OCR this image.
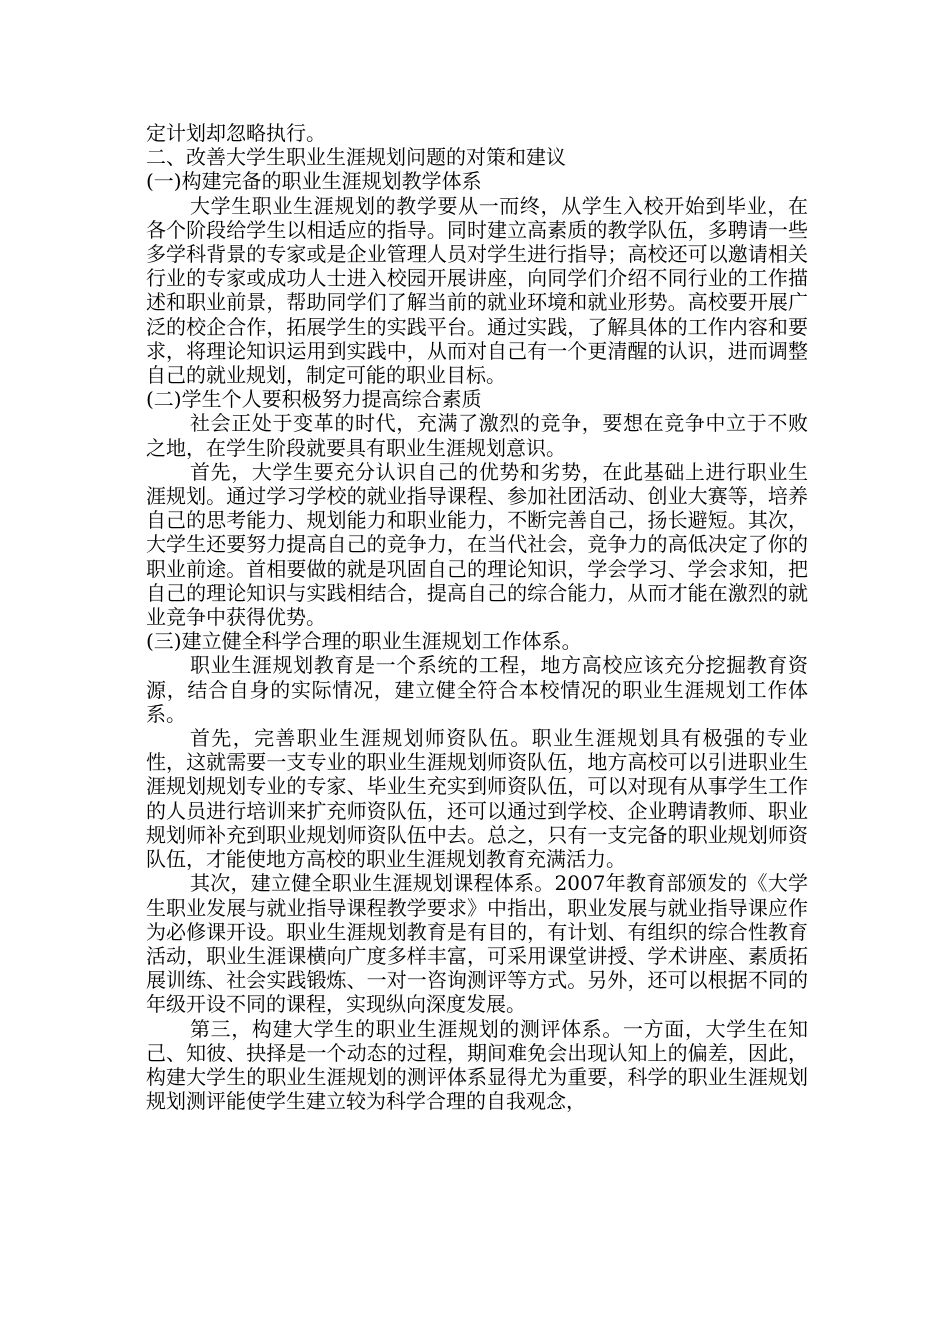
定计划却忽略执行。

二、改善大学生职业生涯规划问题的对策和建议

(一)构建完备的职业生涯规划教学体系

大学生职业生涯规划的教学要从一而终，从学生入校开始到毕业，在各个阶段给学生以相适应的指导。同时建立高素质的教学队伍，多聘请一些多学科背景的专家或是企业管理人员对学生进行指导；高校还可以邀请相关行业的专家或成功人士进入校园开展讲座，向同学们介绍不同行业的工作描述和职业前景，帮助同学们了解当前的就业环境和就业形势。高校要开展广泛的校企合作，拓展学生的实践平台。通过实践，了解具体的工作内容和要求，将理论知识运用到实践中，从而对自己有一个更清醒的认识，进而调整自己的就业规划，制定可能的职业目标。

(二)学生个人要积极努力提高综合素质

社会正处于变革的时代，充满了激烈的竞争，要想在竞争中立于不败之地，在学生阶段就要具有职业生涯规划意识。

首先，大学生要充分认识自己的优势和劣势，在此基础上进行职业生涯规划。通过学习学校的就业指导课程、参加社团活动、创业大赛等，培养自己的思考能力、规划能力和职业能力，不断完善自己，扬长避短。其次，大学生还要努力提高自己的竞争力，在当代社会，竞争力的高低决定了你的职业前途。首相要做的就是巩固自己的理论知识，学会学习、学会求知，把自己的理论知识与实践相结合，提高自己的综合能力，从而才能在激烈的就业竞争中获得优势。

(三)建立健全科学合理的职业生涯规划工作体系。

职业生涯规划教育是一个系统的工程，地方高校应该充分挖掘教育资源，结合自身的实际情况，建立健全符合本校情况的职业生涯规划工作体系。

首先，完善职业生涯规划师资队伍。职业生涯规划具有极强的专业性，这就需要一支专业的职业生涯规划师资队伍，地方高校可以引进职业生涯规划规划专业的专家、毕业生充实到师资队伍，可以对现有从事学生工作的人员进行培训来扩充师资队伍，还可以通过到学校、企业聘请教师、职业规划师补充到职业规划师资队伍中去。总之，只有一支完备的职业规划师资队伍，才能使地方高校的职业生涯规划教育充满活力。

其次，建立健全职业生涯规划课程体系。2007年教育部颁发的《大学生职业发展与就业指导课程教学要求》中指出，职业发展与就业指导课应作为必修课开设。职业生涯规划教育是有目的，有计划、有组织的综合性教育活动，职业生涯课横向广度多样丰富，可采用课堂讲授、学术讲座、素质拓展训练、社会实践锻炼、一对一咨询测评等方式。另外，还可以根据不同的年级开设不同的课程，实现纵向深度发展。

第三，构建大学生的职业生涯规划的测评体系。一方面，大学生在知己、知彼、抉择是一个动态的过程，期间难免会出现认知上的偏差，因此，构建大学生的职业生涯规划的测评体系显得尤为重要，科学的职业生涯规划规划测评能使学生建立较为科学合理的自我观念，
